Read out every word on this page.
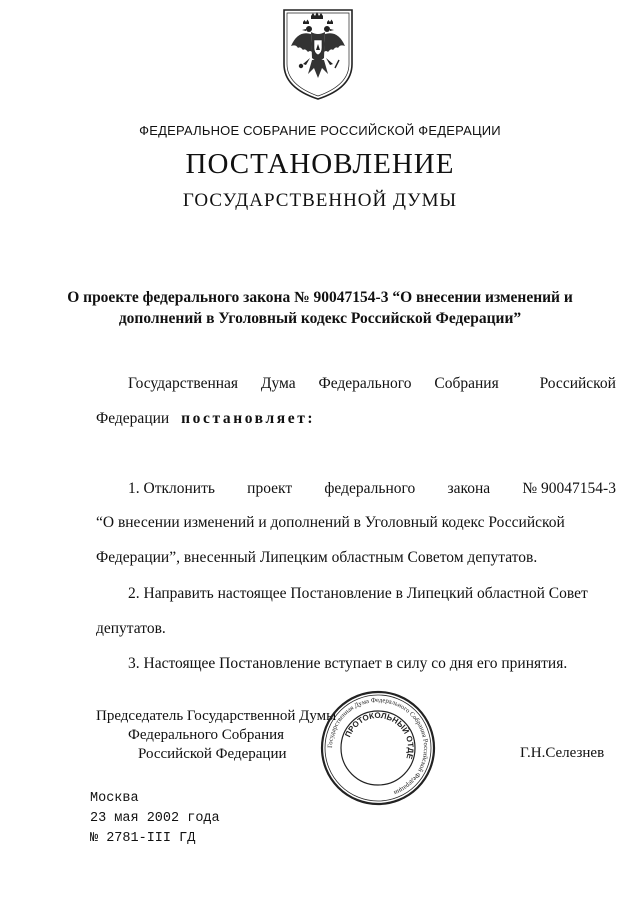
ФЕДЕРАЛЬНОЕ СОБРАНИЕ РОССИЙСКОЙ ФЕДЕРАЦИИ
ПОСТАНОВЛЕНИЕ
ГОСУДАРСТВЕННОЙ ДУМЫ
О проекте федерального закона № 90047154-3 “О внесении изменений и
дополнений в Уголовный кодекс Российской Федерации”
Государственная Дума Федерального Собрания	Российской
Федерации постановляет:
1. Отклонить проект федерального закона № 90047154-3
“О внесении изменений и дополнений в Уголовный кодекс Российской
Федерации”, внесенный Липецким областным Советом депутатов.
2. Направить настоящее Постановление в Липецкий областной Совет
депутатов.
3. Настоящее Постановление вступает в силу со дня его принятия.
Председатель Государственной Думы
Федерального Собрания
Российской Федерации	Г.Н.Селезнев
Государственная Дума Федерального Собрания Российской Федерации
ПРОТОКОЛЬНЫЙ ОТДЕЛ
Москва
23 мая 2002 года
№ 2781-III ГД
